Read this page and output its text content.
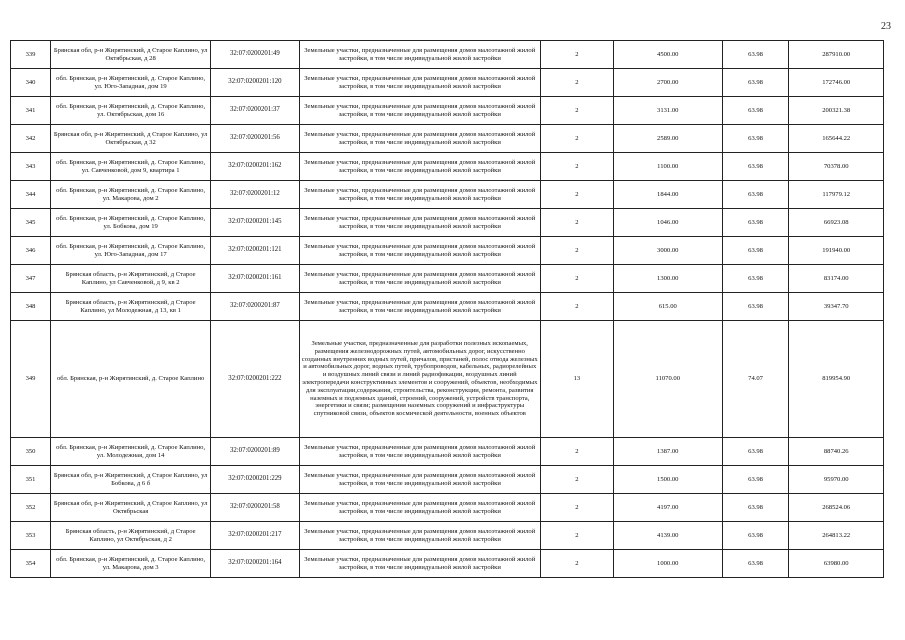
23
339	Брянская обл, р-н Жирятинский, д Старое Каплино, ул Октябрьская, д 28	32:07:0200201:49	Земельные участки, предназначенные для размещения домов малоэтажной жилой застройки, в том числе индивидуальной жилой застройки	2	4500.00	63.98	287910.00
340	обл. Брянская, р-н Жирятинский, д. Старое Каплино, ул. Юго-Западная, дом 19	32:07:0200201:120	Земельные участки, предназначенные для размещения домов малоэтажной жилой застройки, в том числе индивидуальной жилой застройки	2	2700.00	63.98	172746.00
341	обл. Брянская, р-н Жирятинский, д. Старое Каплино, ул. Октябрьская, дом 16	32:07:0200201:37	Земельные участки, предназначенные для размещения домов малоэтажной жилой застройки, в том числе индивидуальной жилой застройки	2	3131.00	63.98	200321.38
342	Брянская обл, р-н Жирятинский, д Старое Каплино, ул Октябрьская, д 32	32:07:0200201:56	Земельные участки, предназначенные для размещения домов малоэтажной жилой застройки, в том числе индивидуальной жилой застройки	2	2589.00	63.98	165644.22
343	обл. Брянская, р-н Жирятинский, д. Старое Каплино, ул. Савченковой, дом 9, квартира 1	32:07:0200201:162	Земельные участки, предназначенные для размещения домов малоэтажной жилой застройки, в том числе индивидуальной жилой застройки	2	1100.00	63.98	70378.00
344	обл. Брянская, р-н Жирятинский, д. Старое Каплино, ул. Макарова, дом 2	32:07:0200201:12	Земельные участки, предназначенные для размещения домов малоэтажной жилой застройки, в том числе индивидуальной жилой застройки	2	1844.00	63.98	117979.12
345	обл. Брянская, р-н Жирятинский, д. Старое Каплино, ул. Бобкова, дом 19	32:07:0200201:145	Земельные участки, предназначенные для размещения домов малоэтажной жилой застройки, в том числе индивидуальной жилой застройки	2	1046.00	63.98	66923.08
346	обл. Брянская, р-н Жирятинский, д. Старое Каплино, ул. Юго-Западная, дом 17	32:07:0200201:121	Земельные участки, предназначенные для размещения домов малоэтажной жилой застройки, в том числе индивидуальной жилой застройки	2	3000.00	63.98	191940.00
347	Брянская область, р-н Жирятинский, д Старое Каплино, ул Савченковой, д 9, кв 2	32:07:0200201:161	Земельные участки, предназначенные для размещения домов малоэтажной жилой застройки, в том числе индивидуальной жилой застройки	2	1300.00	63.98	83174.00
348	Брянская область, р-н Жирятинский, д Старое Каплино, ул Молодежная, д 13, кв 1	32:07:0200201:87	Земельные участки, предназначенные для размещения домов малоэтажной жилой застройки, в том числе индивидуальной жилой застройки	2	615.00	63.98	39347.70
349	обл. Брянская, р-н Жирятинский, д. Старое Каплино	32:07:0200201:222	Земельные участки, предназначенные для разработки полезных ископаемых, размещения железнодорожных путей, автомобильных дорог, искусственно созданных внутренних водных путей, причалов, пристаней, полос отвода железных и автомобильных дорог, водных путей, трубопроводов, кабельных, радиорелейных и воздушных линий связи и линий радиофикации, воздушных линий электропередачи конструктивных элементов и сооружений, объектов, необходимых для эксплуатации,содержания, строительства, реконструкции, ремонта, развития наземных и подземных зданий, строений, сооружений, устройств транспорта, энергетики и связи; размещения наземных сооружений и инфраструктуры спутниковой связи, объектов космической деятельности, военных объектов	13	11070.00	74.07	819954.90
350	обл. Брянская, р-н Жирятинский, д. Старое Каплино, ул. Молодежная, дом 14	32:07:0200201:89	Земельные участки, предназначенные для размещения домов малоэтажной жилой застройки, в том числе индивидуальной жилой застройки	2	1387.00	63.98	88740.26
351	Брянская обл, р-н Жирятинский, д Старое Каплино, ул Бобкова, д 6 б	32:07:0200201:229	Земельные участки, предназначенные для размещения домов малоэтажной жилой застройки, в том числе индивидуальной жилой застройки	2	1500.00	63.98	95970.00
352	Брянская обл, р-н Жирятинский, д Старое Каплино, ул Октябрьская	32:07:0200201:58	Земельные участки, предназначенные для размещения домов малоэтажной жилой застройки, в том числе индивидуальной жилой застройки	2	4197.00	63.98	268524.06
353	Брянская область, р-н Жирятинский, д Старое Каплино, ул Октябрьская, д 2	32:07:0200201:217	Земельные участки, предназначенные для размещения домов малоэтажной жилой застройки, в том числе индивидуальной жилой застройки	2	4139.00	63.98	264813.22
354	обл. Брянская, р-н Жирятинский, д. Старое Каплино, ул. Макарова, дом 3	32:07:0200201:164	Земельные участки, предназначенные для размещения домов малоэтажной жилой застройки, в том числе индивидуальной жилой застройки	2	1000.00	63.98	63980.00
